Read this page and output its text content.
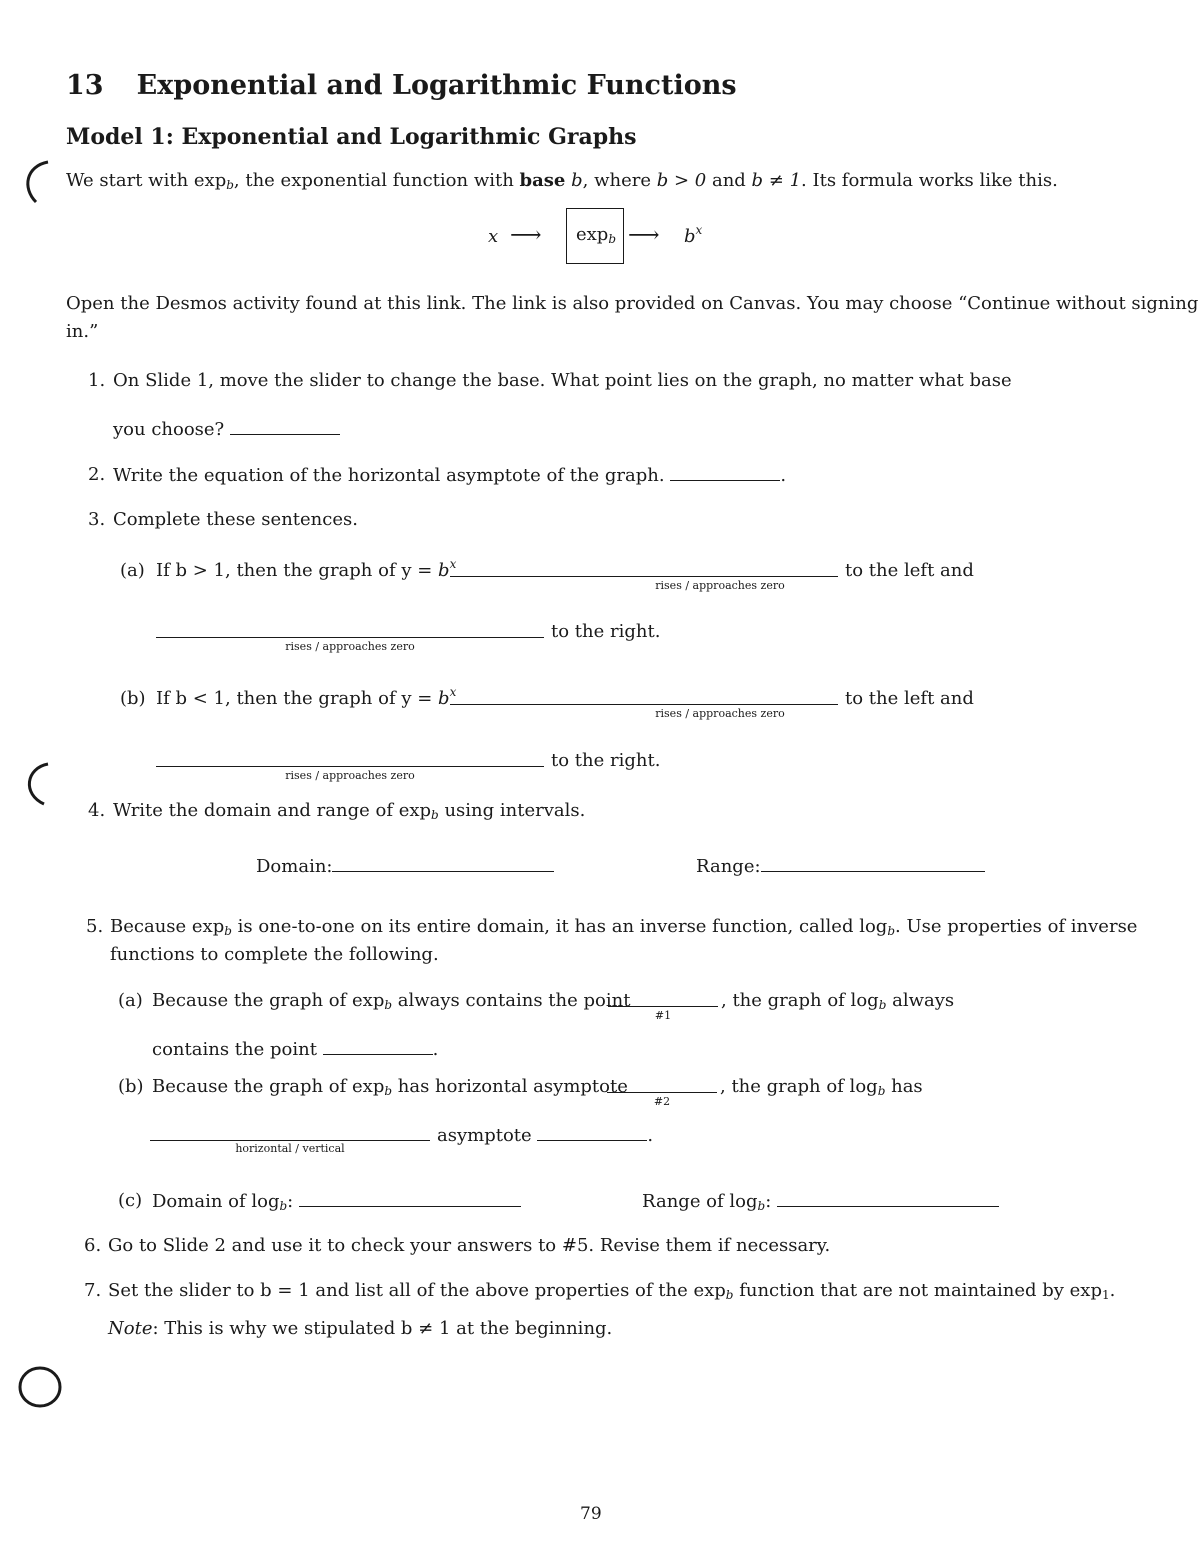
13 Exponential and Logarithmic Functions
Model 1: Exponential and Logarithmic Graphs
We start with $\exp_b$, the exponential function with base b, where b > 0 and b ≠ 1. Its formula works like this.
x ⟶ $\exp_b$ ⟶ $b^x$
Open the Desmos activity found at this link. The link is also provided on Canvas. You may choose “Continue without signing
in.”
1. On Slide 1, move the slider to change the base. What point lies on the graph, no matter what base
you choose?
2. Write the equation of the horizontal asymptote of the graph.	.
3. Complete these sentences.
(a) If b > 1, then the graph of $y = b^x$
rises / approaches zero
to the left and
rises / approaches zero
to the right.
(b) If b < 1, then the graph of $y = b^x$
rises / approaches zero
to the left and
rises / approaches zero
to the right.
4. Write the domain and range of $\exp_b using$ intervals.
Domain:	Range:
5. Because $\exp_b$ is one-to-one on its entire domain, it has an inverse function, called $\log_b$. Use properties of inverse
functions to complete the following.
(a) Because the graph of $\exp_b$ always contains the point
#1
, the graph of $\log_b$ always
contains the point	.
(b) Because the graph of $\exp_b$ has horizontal asymptote
#2
, the graph of $\log_b$ has
horizontal / vertical
asymptote	.
(c) Domain of $\log_b$:	Range of $\log_b$:
6. Go to Slide 2 and use it to check your answers to #5. Revise them if necessary.
7. Set the slider to b = 1 and list all of the above properties of the $\exp_b$ function that are not maintained by $\exp_1$.
Note: This is why we stipulated b ≠ 1 at the beginning.
79
